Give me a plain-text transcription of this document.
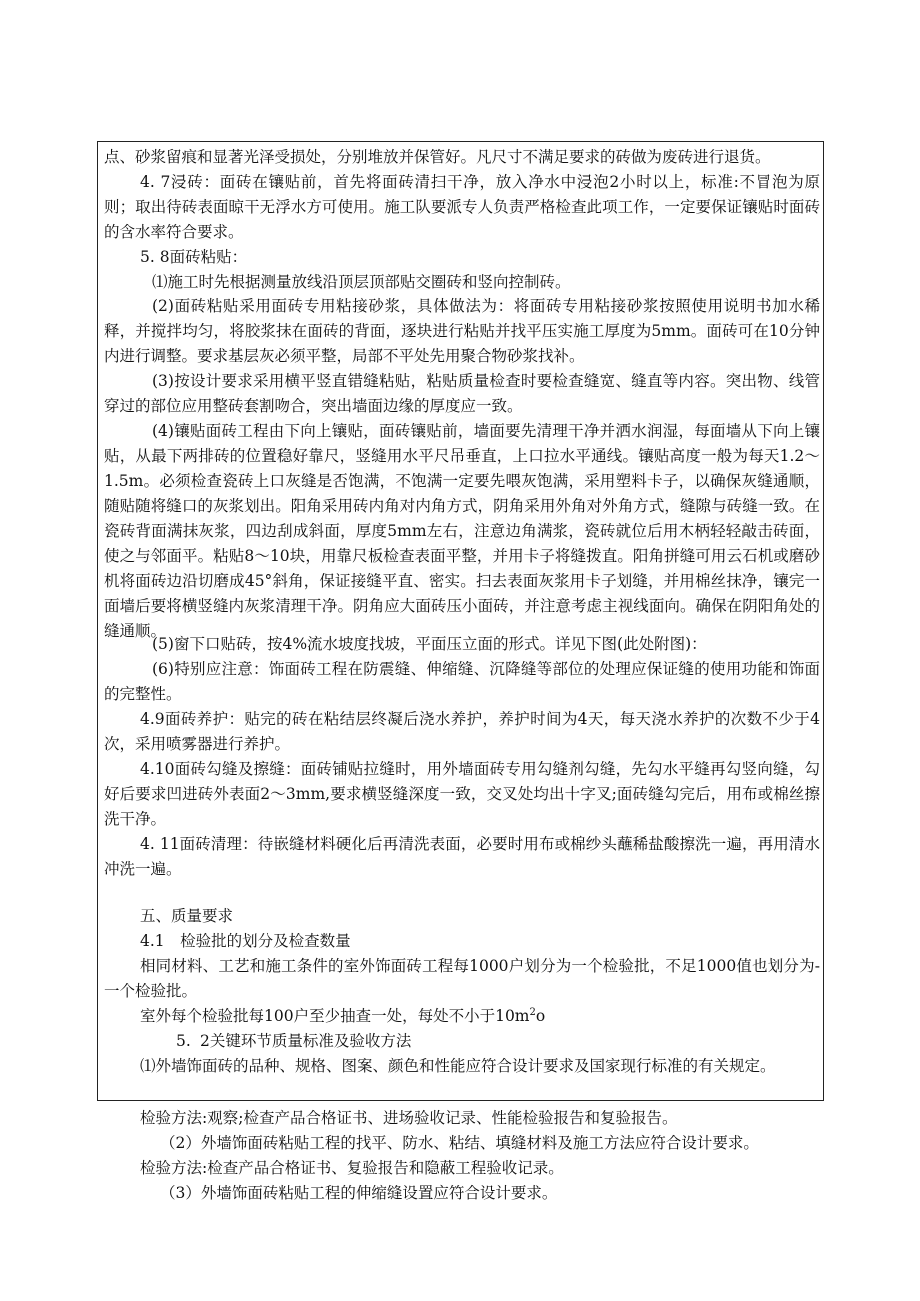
点、砂浆留痕和显著光泽受损处，分别堆放并保管好。凡尺寸不满足要求的砖做为废砖进行退货。

4. 7浸砖：面砖在镶贴前，首先将面砖清扫干净，放入净水中浸泡2小时以上，标准:不冒泡为原则；取出待砖表面晾干无浮水方可使用。施工队要派专人负责严格检查此项工作，一定要保证镶贴时面砖的含水率符合要求。

5. 8面砖粘贴：

⑴施工时先根据测量放线沿顶层顶部贴交圈砖和竖向控制砖。

(2)面砖粘贴采用面砖专用粘接砂浆，具体做法为：将面砖专用粘接砂浆按照使用说明书加水稀释，并搅拌均匀，将胶浆抹在面砖的背面，逐块进行粘贴并找平压实施工厚度为5mm。面砖可在10分钟内进行调整。要求基层灰必须平整，局部不平处先用聚合物砂浆找补。

(3)按设计要求采用横平竖直错缝粘贴，粘贴质量检查时要检查缝宽、缝直等内容。突出物、线管穿过的部位应用整砖套割吻合，突出墙面边缘的厚度应一致。

(4)镶贴面砖工程由下向上镶贴，面砖镶贴前，墙面要先清理干净并洒水润湿，每面墙从下向上镶贴，从最下两排砖的位置稳好靠尺，竖缝用水平尺吊垂直，上口拉水平通线。镶贴高度一般为每天1.2～1.5m。必须检查瓷砖上口灰缝是否饱满，不饱满一定要先喂灰饱满，采用塑料卡子，以确保灰缝通顺，随贴随将缝口的灰浆划出。阳角采用砖内角对内角方式，阴角采用外角对外角方式，缝隙与砖缝一致。在瓷砖背面满抹灰浆，四边刮成斜面，厚度5mm左右，注意边角满浆，瓷砖就位后用木柄轻轻敲击砖面，使之与邻面平。粘贴8～10块，用靠尺板检查表面平整，并用卡子将缝拨直。阳角拼缝可用云石机或磨砂机将面砖边沿切磨成45°斜角，保证接缝平直、密实。扫去表面灰浆用卡子划缝，并用棉丝抹净，镶完一面墙后要将横竖缝内灰浆清理干净。阴角应大面砖压小面砖，并注意考虑主视线面向。确保在阴阳角处的缝通顺。

(5)窗下口贴砖，按4%流水坡度找坡，平面压立面的形式。详见下图(此处附图)：

(6)特别应注意：饰面砖工程在防震缝、伸缩缝、沉降缝等部位的处理应保证缝的使用功能和饰面的完整性。

4.9面砖养护：贴完的砖在粘结层终凝后浇水养护，养护时间为4天，每天浇水养护的次数不少于4次，采用喷雾器进行养护。

4.10面砖勾缝及擦缝：面砖铺贴拉缝时，用外墙面砖专用勾缝剂勾缝，先勾水平缝再勾竖向缝，勾好后要求凹进砖外表面2～3mm,要求横竖缝深度一致，交叉处均出十字叉;面砖缝勾完后，用布或棉丝擦洗干净。

4. 11面砖清理：待嵌缝材料硬化后再清洗表面，必要时用布或棉纱头蘸稀盐酸擦洗一遍，再用清水冲洗一遍。

五、质量要求

4.1　检验批的划分及检查数量

相同材料、工艺和施工条件的室外饰面砖工程每1000户划分为一个检验批，不足1000值也划分为-一个检验批。

室外每个检验批每100户至少抽查一处，每处不小于$10m^2o$

5. 2关键环节质量标准及验收方法

⑴外墙饰面砖的品种、规格、图案、颜色和性能应符合设计要求及国家现行标准的有关规定。

检验方法:观察;检查产品合格证书、进场验收记录、性能检验报告和复验报告。

（2）外墙饰面砖粘贴工程的找平、防水、粘结、填缝材料及施工方法应符合设计要求。

检验方法:检查产品合格证书、复验报告和隐蔽工程验收记录。

（3）外墙饰面砖粘贴工程的伸缩缝设置应符合设计要求。
